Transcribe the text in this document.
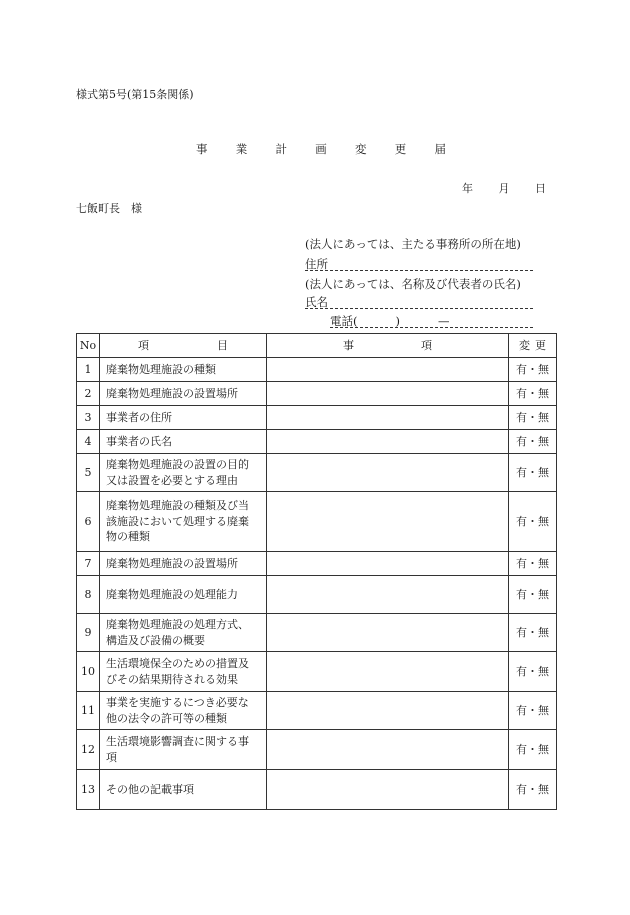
様式第5号(第15条関係)
事 業 計 画 変 更 届
年 月 日
七飯町長　様
(法人にあっては、主たる事務所の所在地)
住所
(法人にあっては、名称及び代表者の氏名)
氏名
電話(	)	—
No	項 目	事 項	変 更

1	廃棄物処理施設の種類		有・無
2	廃棄物処理施設の設置場所		有・無
3	事業者の住所		有・無
4	事業者の氏名		有・無
5	廃棄物処理施設の設置の目的
又は設置を必要とする理由		有・無
6	廃棄物処理施設の種類及び当
該施設において処理する廃棄
物の種類		有・無
7	廃棄物処理施設の設置場所		有・無
8	廃棄物処理施設の処理能力		有・無
9	廃棄物処理施設の処理方式、
構造及び設備の概要		有・無
10	生活環境保全のための措置及
びその結果期待される効果		有・無
11	事業を実施するにつき必要な
他の法令の許可等の種類		有・無
12	生活環境影響調査に関する事
項		有・無
13	その他の記載事項		有・無
